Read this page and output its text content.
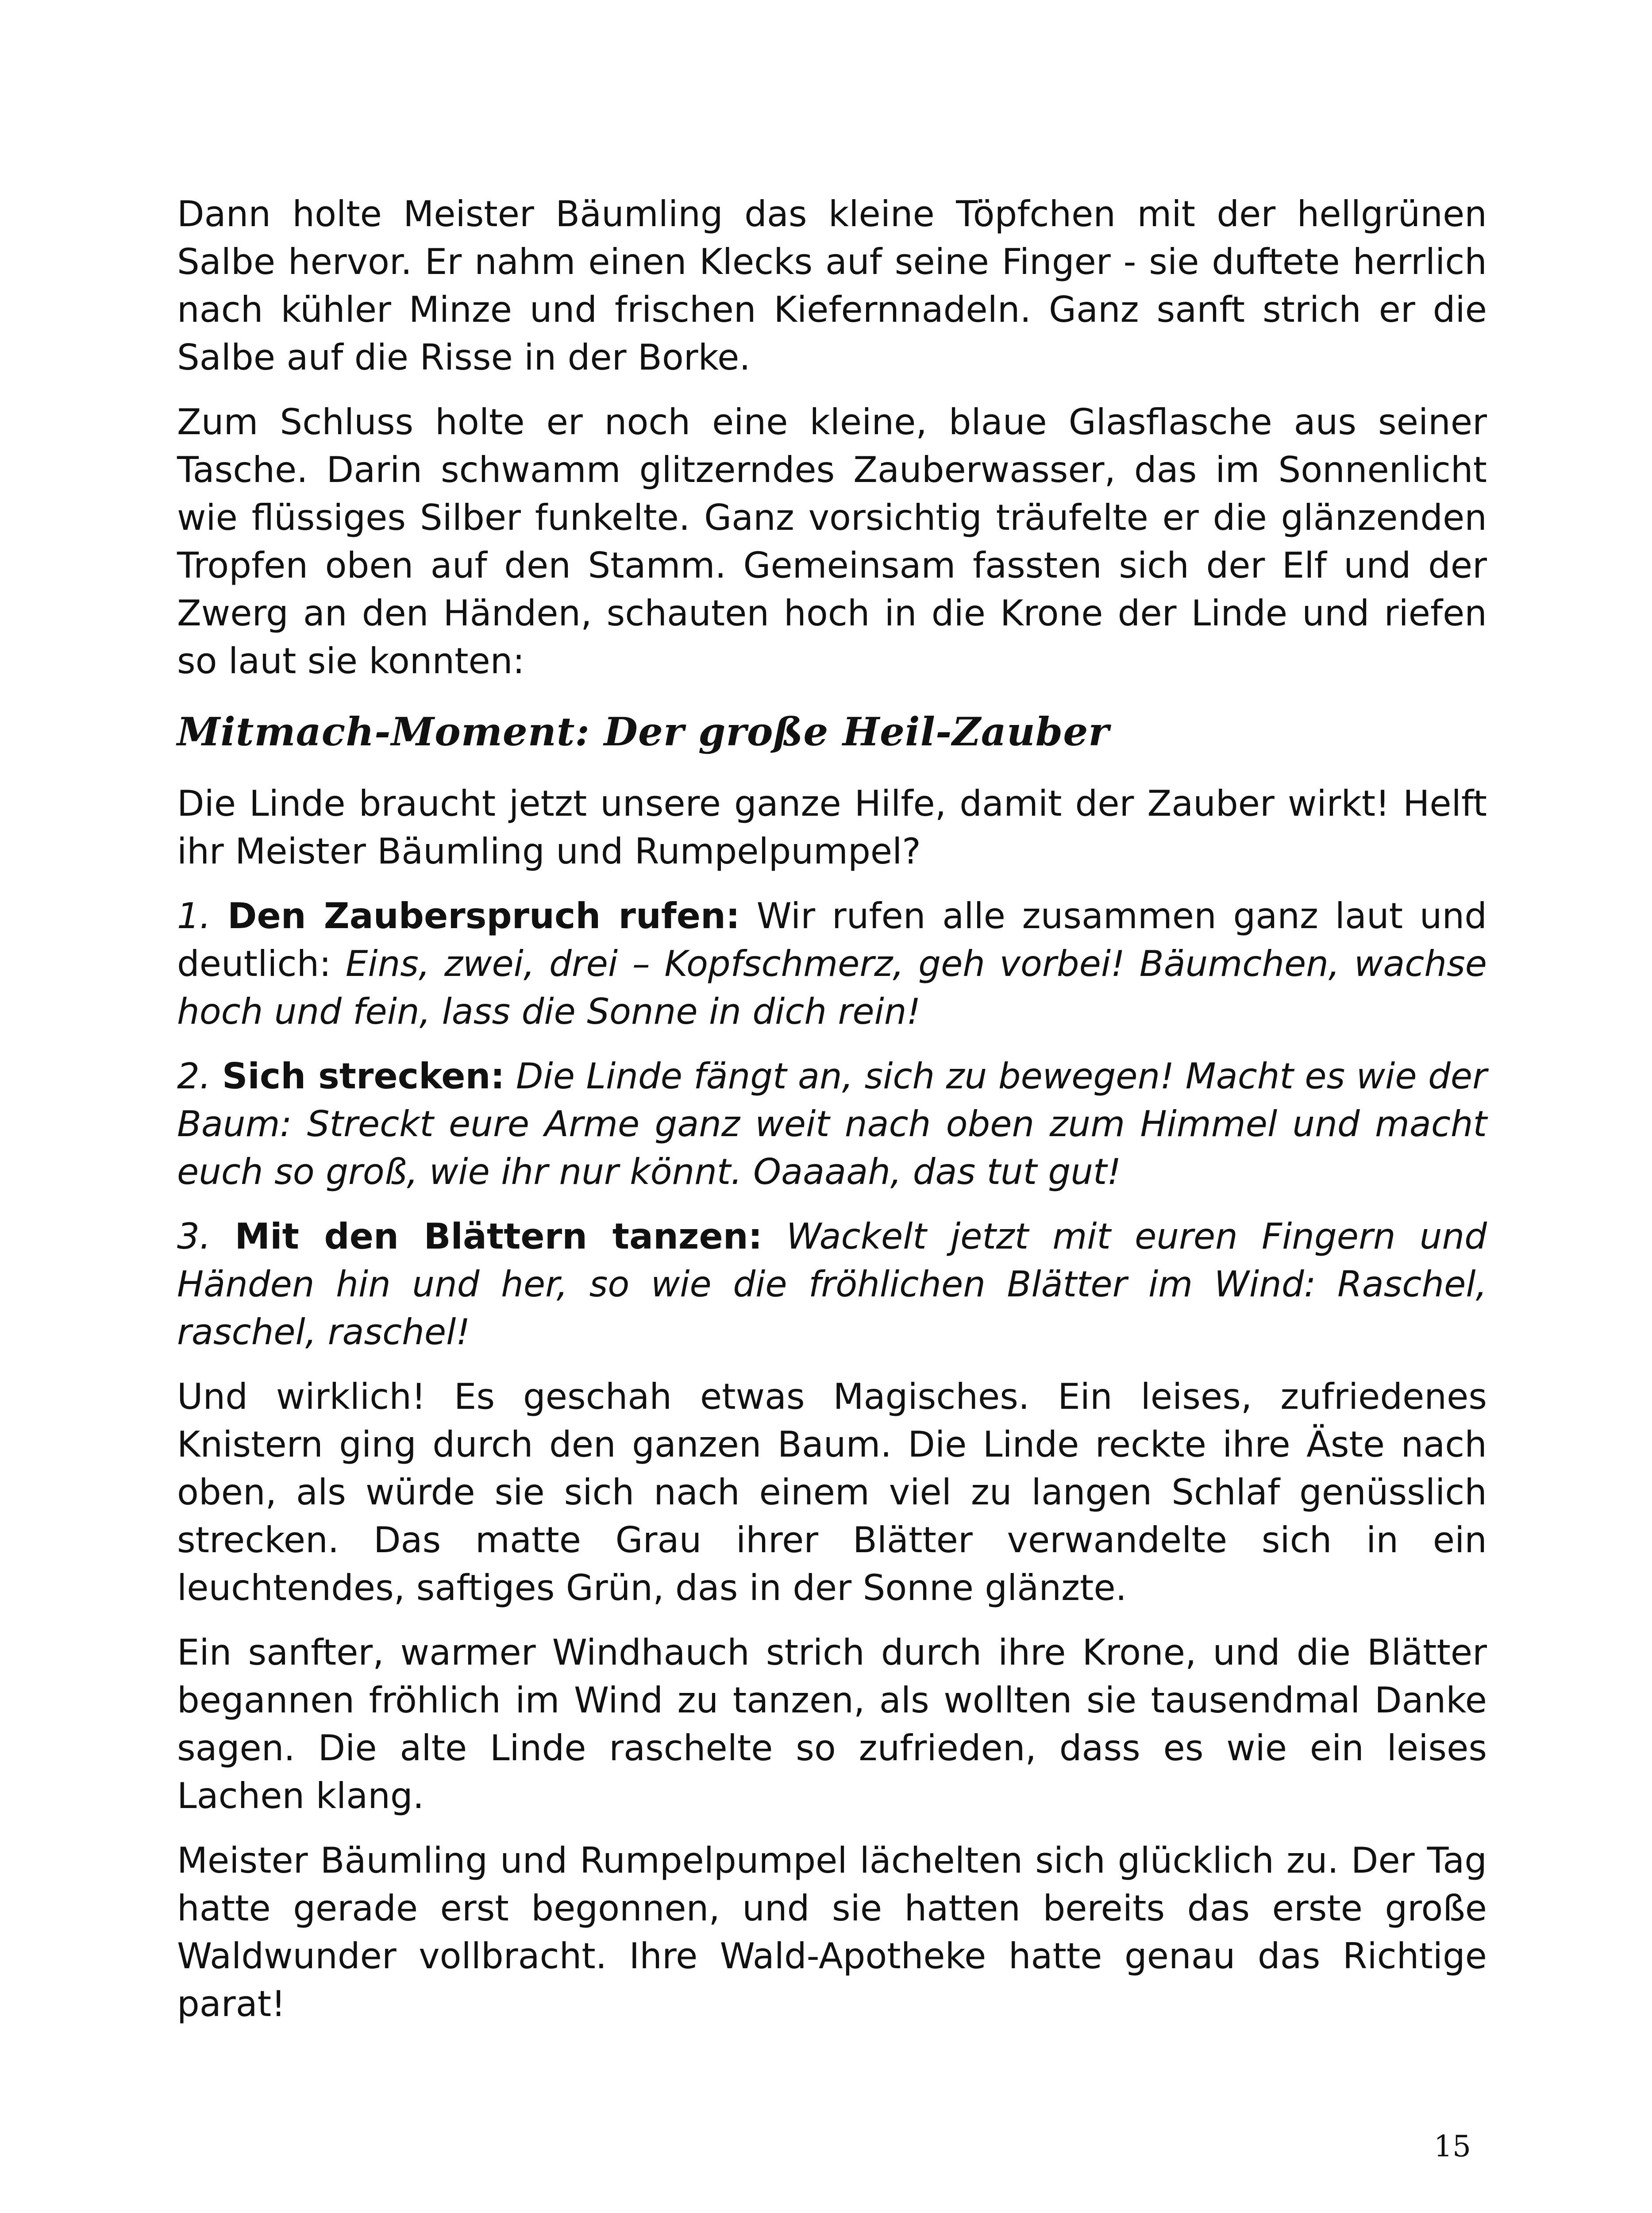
Dann holte Meister Bäumling das kleine Töpfchen mit der hellgrünen Salbe hervor. Er nahm einen Klecks auf seine Finger - sie duftete herrlich nach kühler Minze und frischen Kiefernnadeln. Ganz sanft strich er die Salbe auf die Risse in der Borke.

Zum Schluss holte er noch eine kleine, blaue Glasflasche aus seiner Tasche. Darin schwamm glitzerndes Zauberwasser, das im Sonnenlicht wie flüssiges Silber funkelte. Ganz vorsichtig träufelte er die glänzenden Tropfen oben auf den Stamm. Gemeinsam fassten sich der Elf und der Zwerg an den Händen, schauten hoch in die Krone der Linde und riefen so laut sie konnten:

Mitmach-Moment: Der große Heil-Zauber

Die Linde braucht jetzt unsere ganze Hilfe, damit der Zauber wirkt! Helft ihr Meister Bäumling und Rumpelpumpel?

1. Den Zauberspruch rufen: Wir rufen alle zusammen ganz laut und deutlich: Eins, zwei, drei – Kopfschmerz, geh vorbei! Bäumchen, wachse hoch und fein, lass die Sonne in dich rein!

2. Sich strecken: Die Linde fängt an, sich zu bewegen! Macht es wie der Baum: Streckt eure Arme ganz weit nach oben zum Himmel und macht euch so groß, wie ihr nur könnt. Oaaaah, das tut gut!

3. Mit den Blättern tanzen: Wackelt jetzt mit euren Fingern und Händen hin und her, so wie die fröhlichen Blätter im Wind: Raschel, raschel, raschel!

Und wirklich! Es geschah etwas Magisches. Ein leises, zufriedenes Knistern ging durch den ganzen Baum. Die Linde reckte ihre Äste nach oben, als würde sie sich nach einem viel zu langen Schlaf genüsslich strecken. Das matte Grau ihrer Blätter verwandelte sich in ein leuchtendes, saftiges Grün, das in der Sonne glänzte.

Ein sanfter, warmer Windhauch strich durch ihre Krone, und die Blätter begannen fröhlich im Wind zu tanzen, als wollten sie tausendmal Danke sagen. Die alte Linde raschelte so zufrieden, dass es wie ein leises Lachen klang.

Meister Bäumling und Rumpelpumpel lächelten sich glücklich zu. Der Tag hatte gerade erst begonnen, und sie hatten bereits das erste große Waldwunder vollbracht. Ihre Wald-Apotheke hatte genau das Richtige parat!

15
